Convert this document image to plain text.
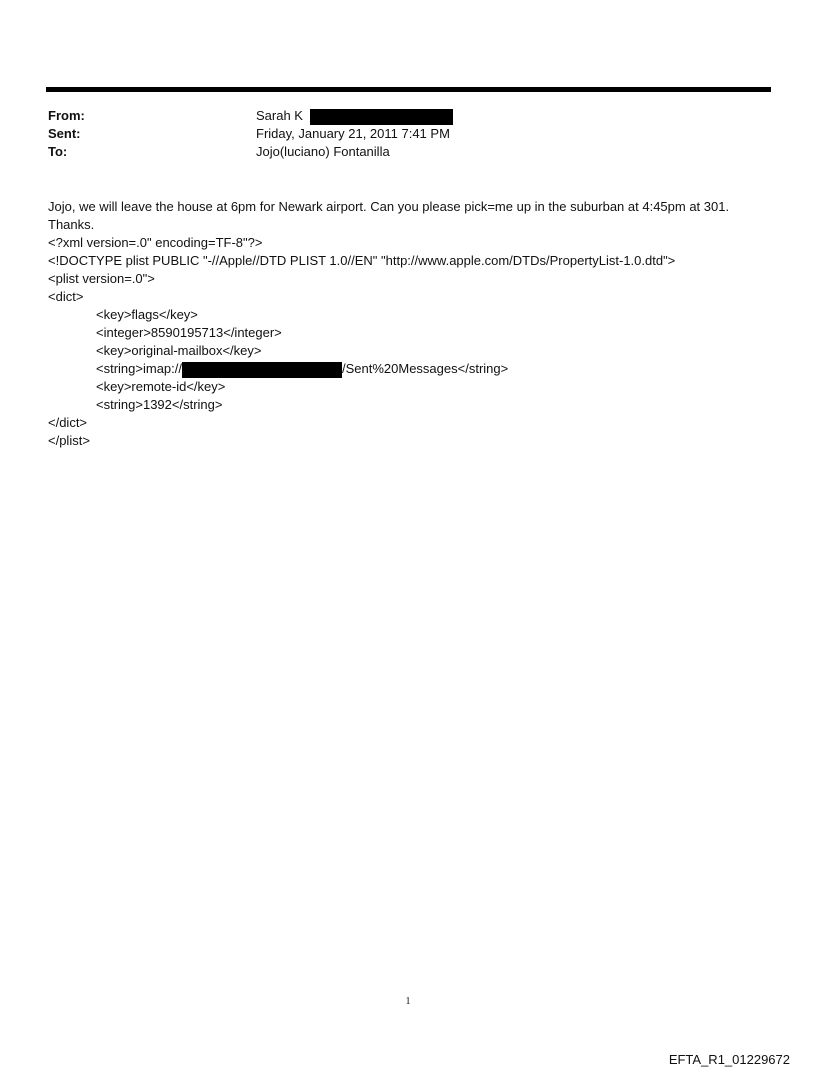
From:	Sarah K
Sent:	Friday, January 21, 2011 7:41 PM
To:	Jojo(luciano) Fontanilla
Jojo, we will leave the house at 6pm for Newark airport. Can you please pick=me up in the suburban at 4:45pm at 301.
Thanks.
<?xml version=.0" encoding=TF-8"?>
<!DOCTYPE plist PUBLIC "-//Apple//DTD PLIST 1.0//EN" "http://www.apple.com/DTDs/PropertyList-1.0.dtd">
<plist version=.0">
<dict>
<key>flags</key>
<integer>8590195713</integer>
<key>original-mailbox</key>
<string>imap://	/Sent%20Messages</string>
<key>remote-id</key>
<string>1392</string>
</dict>
</plist>
1
EFTA_R1_01229672
